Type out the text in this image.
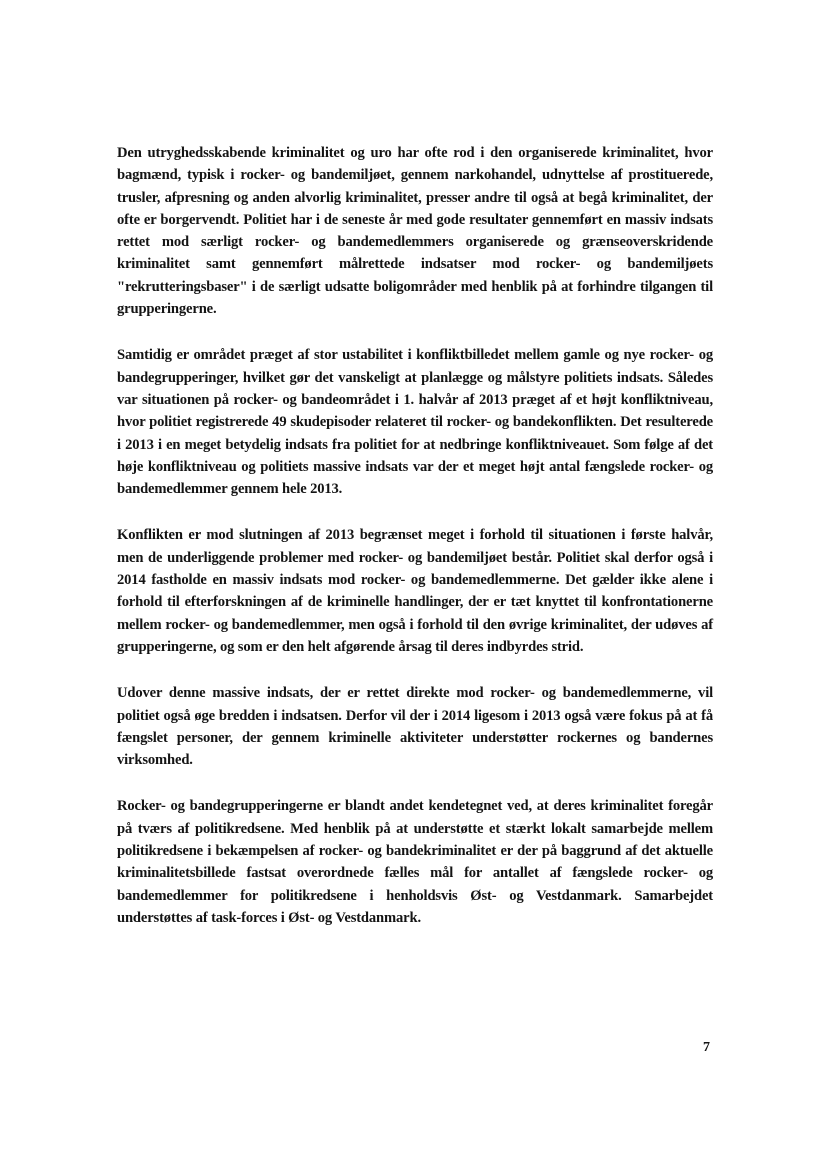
Den utryghedsskabende kriminalitet og uro har ofte rod i den organiserede kriminalitet, hvor bagmænd, typisk i rocker- og bandemiljøet, gennem narkohandel, udnyttelse af prostituerede, trusler, afpresning og anden alvorlig kriminalitet, presser andre til også at begå kriminalitet, der ofte er borgervendt. Politiet har i de seneste år med gode resultater gennemført en massiv indsats rettet mod særligt rocker- og bandemedlemmers organiserede og grænseoverskridende kriminalitet samt gennemført målrettede indsatser mod rocker- og bandemiljøets "rekrutteringsbaser" i de særligt udsatte boligområder med henblik på at forhindre tilgangen til grupperingerne.

Samtidig er området præget af stor ustabilitet i konfliktbilledet mellem gamle og nye rocker- og bandegrupperinger, hvilket gør det vanskeligt at planlægge og målstyre politiets indsats. Således var situationen på rocker- og bandeområdet i 1. halvår af 2013 præget af et højt konfliktniveau, hvor politiet registrerede 49 skudepisoder relateret til rocker- og bandekonflikten. Det resulterede i 2013 i en meget betydelig indsats fra politiet for at nedbringe konfliktniveauet. Som følge af det høje konfliktniveau og politiets massive indsats var der et meget højt antal fængslede rocker- og bandemedlemmer gennem hele 2013.

Konflikten er mod slutningen af 2013 begrænset meget i forhold til situationen i første halvår, men de underliggende problemer med rocker- og bandemiljøet består. Politiet skal derfor også i 2014 fastholde en massiv indsats mod rocker- og bandemedlemmerne. Det gælder ikke alene i forhold til efterforskningen af de kriminelle handlinger, der er tæt knyttet til konfrontationerne mellem rocker- og bandemedlemmer, men også i forhold til den øvrige kriminalitet, der udøves af grupperingerne, og som er den helt afgørende årsag til deres indbyrdes strid.

Udover denne massive indsats, der er rettet direkte mod rocker- og bandemedlemmerne, vil politiet også øge bredden i indsatsen. Derfor vil der i 2014 ligesom i 2013 også være fokus på at få fængslet personer, der gennem kriminelle aktiviteter understøtter rockernes og bandernes virksomhed.

Rocker- og bandegrupperingerne er blandt andet kendetegnet ved, at deres kriminalitet foregår på tværs af politikredsene. Med henblik på at understøtte et stærkt lokalt samarbejde mellem politikredsene i bekæmpelsen af rocker- og bandekriminalitet er der på baggrund af det aktuelle kriminalitetsbillede fastsat overordnede fælles mål for antallet af fængslede rocker- og bandemedlemmer for politikredsene i henholdsvis Øst- og Vestdanmark. Samarbejdet understøttes af task-forces i Øst- og Vestdanmark.

7
